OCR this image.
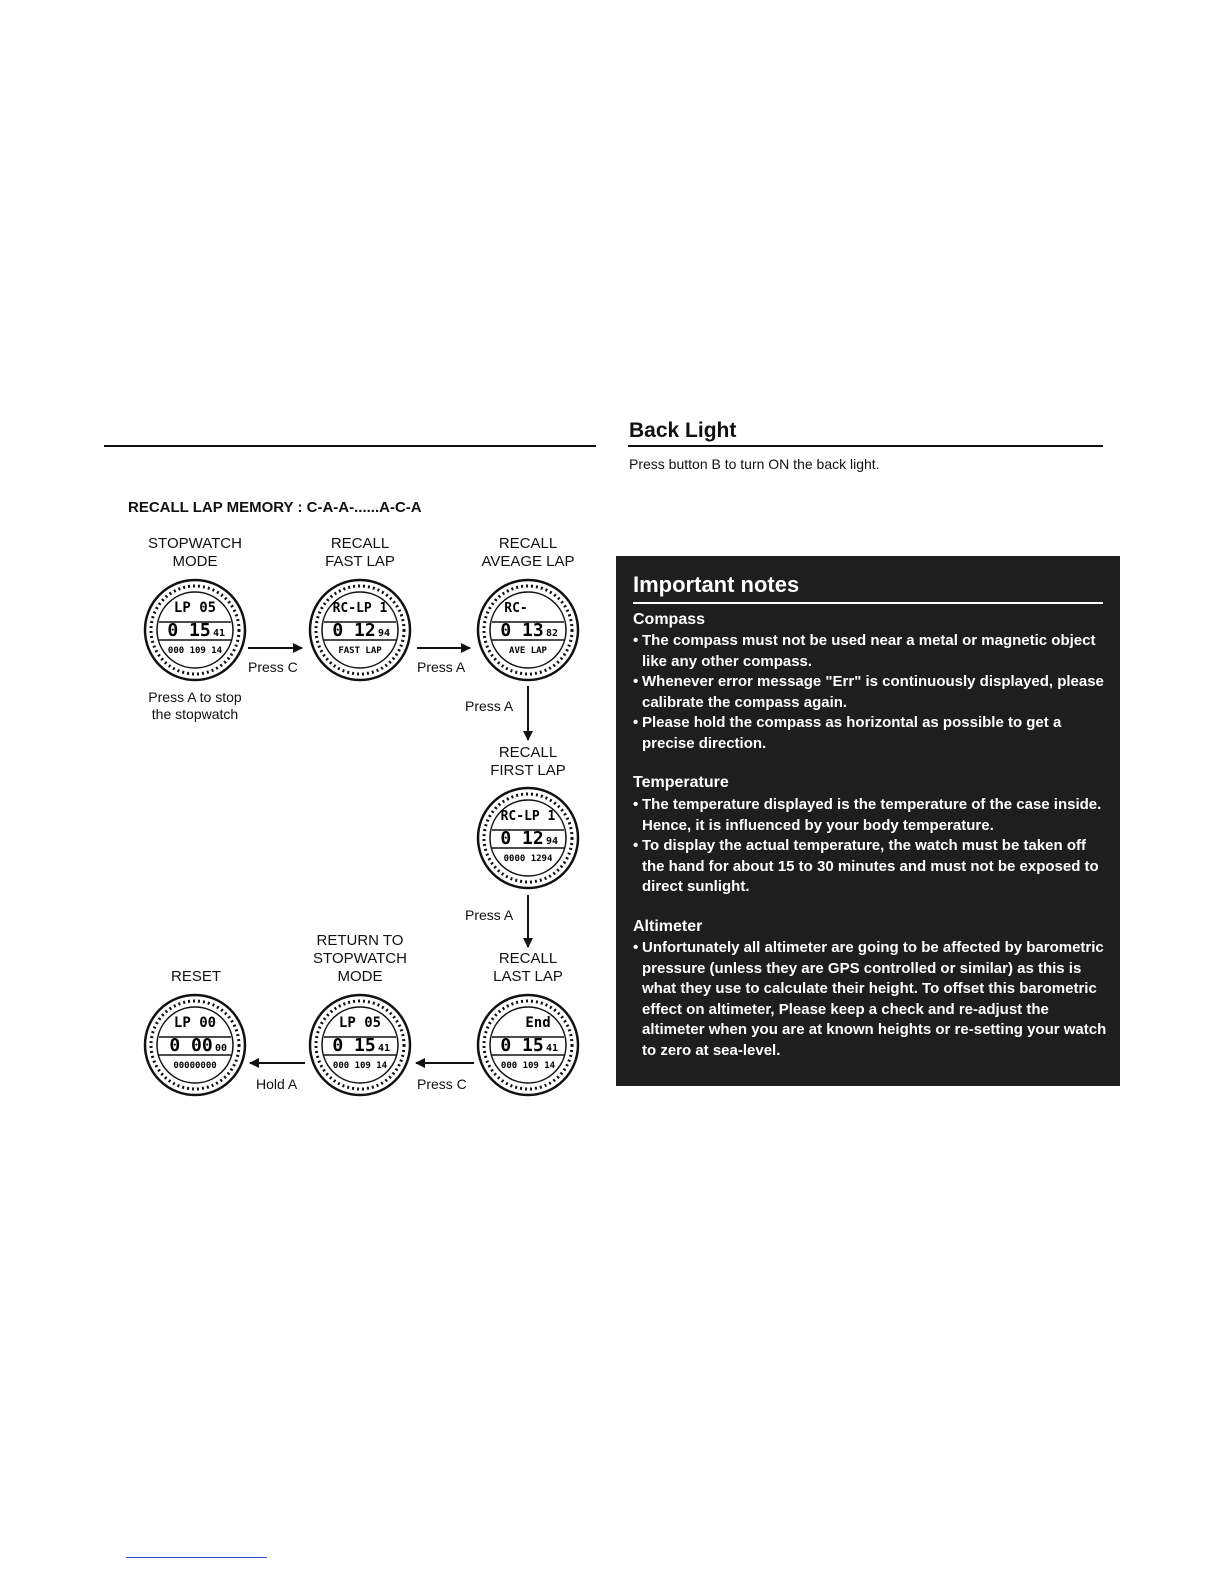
Back Light
Press button B to turn ON the back light.
RECALL LAP MEMORY : C-A-A-......A-C-A
STOPWATCH
MODE
RECALL
FAST LAP
RECALL
AVEAGE LAP
RECALL
FIRST LAP
RETURN TO
STOPWATCH
MODE
RECALL
LAST LAP
RESET
Press A to stop
the stopwatch
Press C	Press A
Press A
Press A
Press C
Hold A
LP 05
0 15 41
000 109 14
RC-LP 1
0 12 94
FAST LAP
RC-
0 13 82
AVE LAP
RC-LP 1
0 12 94
0000 1294
End
0 15 41
000 109 14
LP 05
0 15 41
000 109 14
LP 00
0 00 00
00000000
Important notes
Compass
• The compass must not be used near a metal or magnetic object like any other compass.
• Whenever error message "Err" is continuously displayed, please calibrate the compass again.
• Please hold the compass as horizontal as possible to get a precise direction.
Temperature
• The temperature displayed is the temperature of the case inside. Hence, it is influenced by your body temperature.
• To display the actual temperature, the watch must be taken off the hand for about 15 to 30 minutes and must not be exposed to direct sunlight.
Altimeter
• Unfortunately all altimeter are going to be affected by barometric pressure (unless they are GPS controlled or similar) as this is what they use to calculate their height. To offset this barometric effect on altimeter, Please keep a check and re-adjust the altimeter when you are at known heights or re-setting your watch to zero at sea-level.
